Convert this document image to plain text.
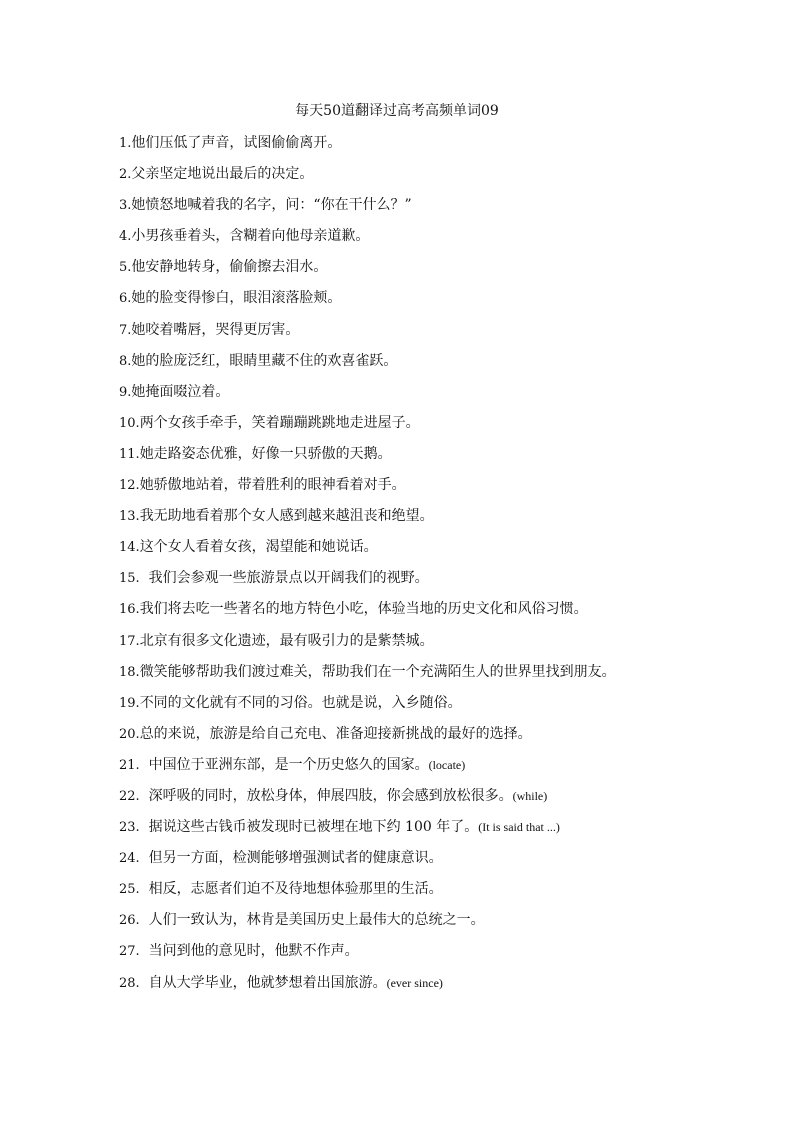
每天50道翻译过高考高频单词09
1.他们压低了声音，试图偷偷离开。
2.父亲坚定地说出最后的决定。
3.她愤怒地喊着我的名字，问：“你在干什么？”
4.小男孩垂着头，含糊着向他母亲道歉。
5.他安静地转身，偷偷擦去泪水。
6.她的脸变得惨白，眼泪滚落脸颊。
7.她咬着嘴唇，哭得更厉害。
8.她的脸庞泛红，眼睛里藏不住的欢喜雀跃。
9.她掩面啜泣着。
10.两个女孩手牵手，笑着蹦蹦跳跳地走进屋子。
11.她走路姿态优雅，好像一只骄傲的天鹅。
12.她骄傲地站着，带着胜利的眼神看着对手。
13.我无助地看着那个女人感到越来越沮丧和绝望。
14.这个女人看着女孩，渴望能和她说话。
15.  我们会参观一些旅游景点以开阔我们的视野。
16.我们将去吃一些著名的地方特色小吃，体验当地的历史文化和风俗习惯。
17.北京有很多文化遗迹，最有吸引力的是紫禁城。
18.微笑能够帮助我们渡过难关，帮助我们在一个充满陌生人的世界里找到朋友。
19.不同的文化就有不同的习俗。也就是说，入乡随俗。
20.总的来说，旅游是给自己充电、准备迎接新挑战的最好的选择。
21.  中国位于亚洲东部，是一个历史悠久的国家。(locate)
22.  深呼吸的同时，放松身体，伸展四肢，你会感到放松很多。(while)
23.  据说这些古钱币被发现时已被埋在地下约 100 年了。(It is said that ...)
24.  但另一方面，检测能够增强测试者的健康意识。
25.  相反，志愿者们迫不及待地想体验那里的生活。
26.  人们一致认为，林肯是美国历史上最伟大的总统之一。
27.  当问到他的意见时，他默不作声。
28.  自从大学毕业，他就梦想着出国旅游。(ever since)
